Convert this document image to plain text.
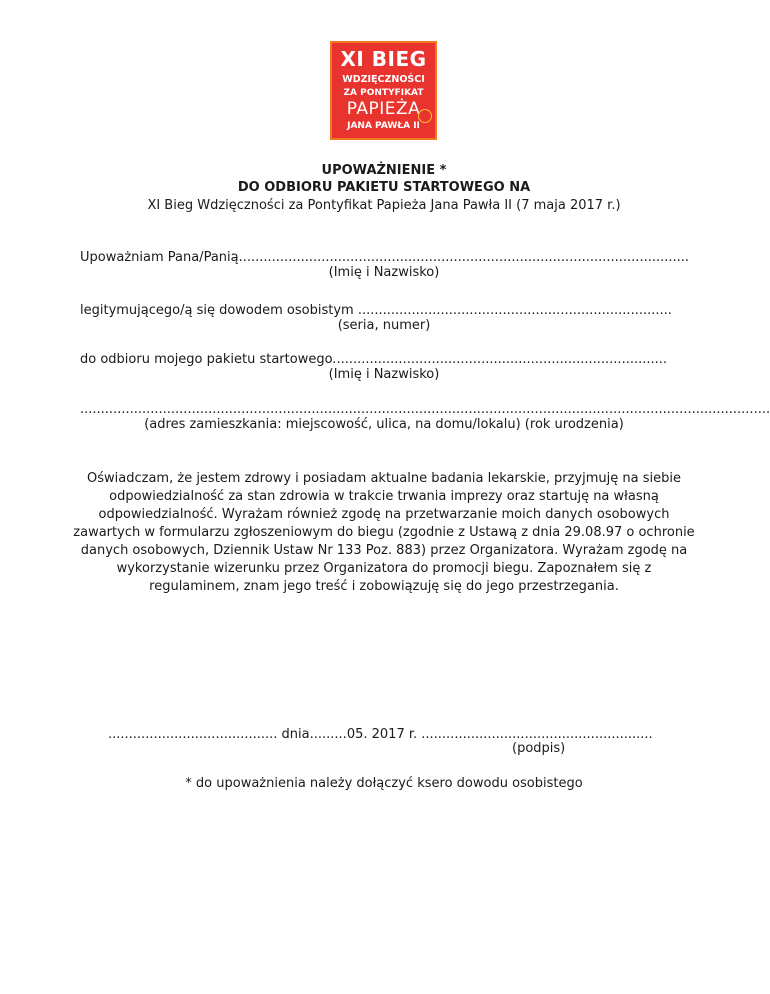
XI BIEG
WDZIĘCZNOŚCI
ZA PONTYFIKAT
PAPIEŻA
JANA PAWŁA II
UPOWAŻNIENIE *
DO ODBIORU PAKIETU STARTOWEGO NA
XI Bieg Wdzięczności za Pontyfikat Papieża Jana Pawła II (7 maja 2017 r.)
Upoważniam Pana/Panią.............................................................................................................
(Imię i Nazwisko)
legitymującego/ą się dowodem osobistym ............................................................................
(seria, numer)
do odbioru mojego pakietu startowego.................................................................................
(Imię i Nazwisko)
.......................................................................................................................................................................
(adres zamieszkania: miejscowość, ulica, na domu/lokalu) (rok urodzenia)
Oświadczam, że jestem zdrowy i posiadam aktualne badania lekarskie, przyjmuję na siebie odpowiedzialność za stan zdrowia w trakcie trwania imprezy oraz startuję na własną odpowiedzialność. Wyrażam również zgodę na przetwarzanie moich danych osobowych zawartych w formularzu zgłoszeniowym do biegu (zgodnie z Ustawą z dnia 29.08.97 o ochronie danych osobowych, Dziennik Ustaw Nr 133 Poz. 883) przez Organizatora. Wyrażam zgodę na wykorzystanie wizerunku przez Organizatora do promocji biegu. Zapoznałem się z regulaminem, znam jego treść i zobowiązuję się do jego przestrzegania.
......................................... dnia.........05. 2017 r. ........................................................
(podpis)
* do upoważnienia należy dołączyć ksero dowodu osobistego
